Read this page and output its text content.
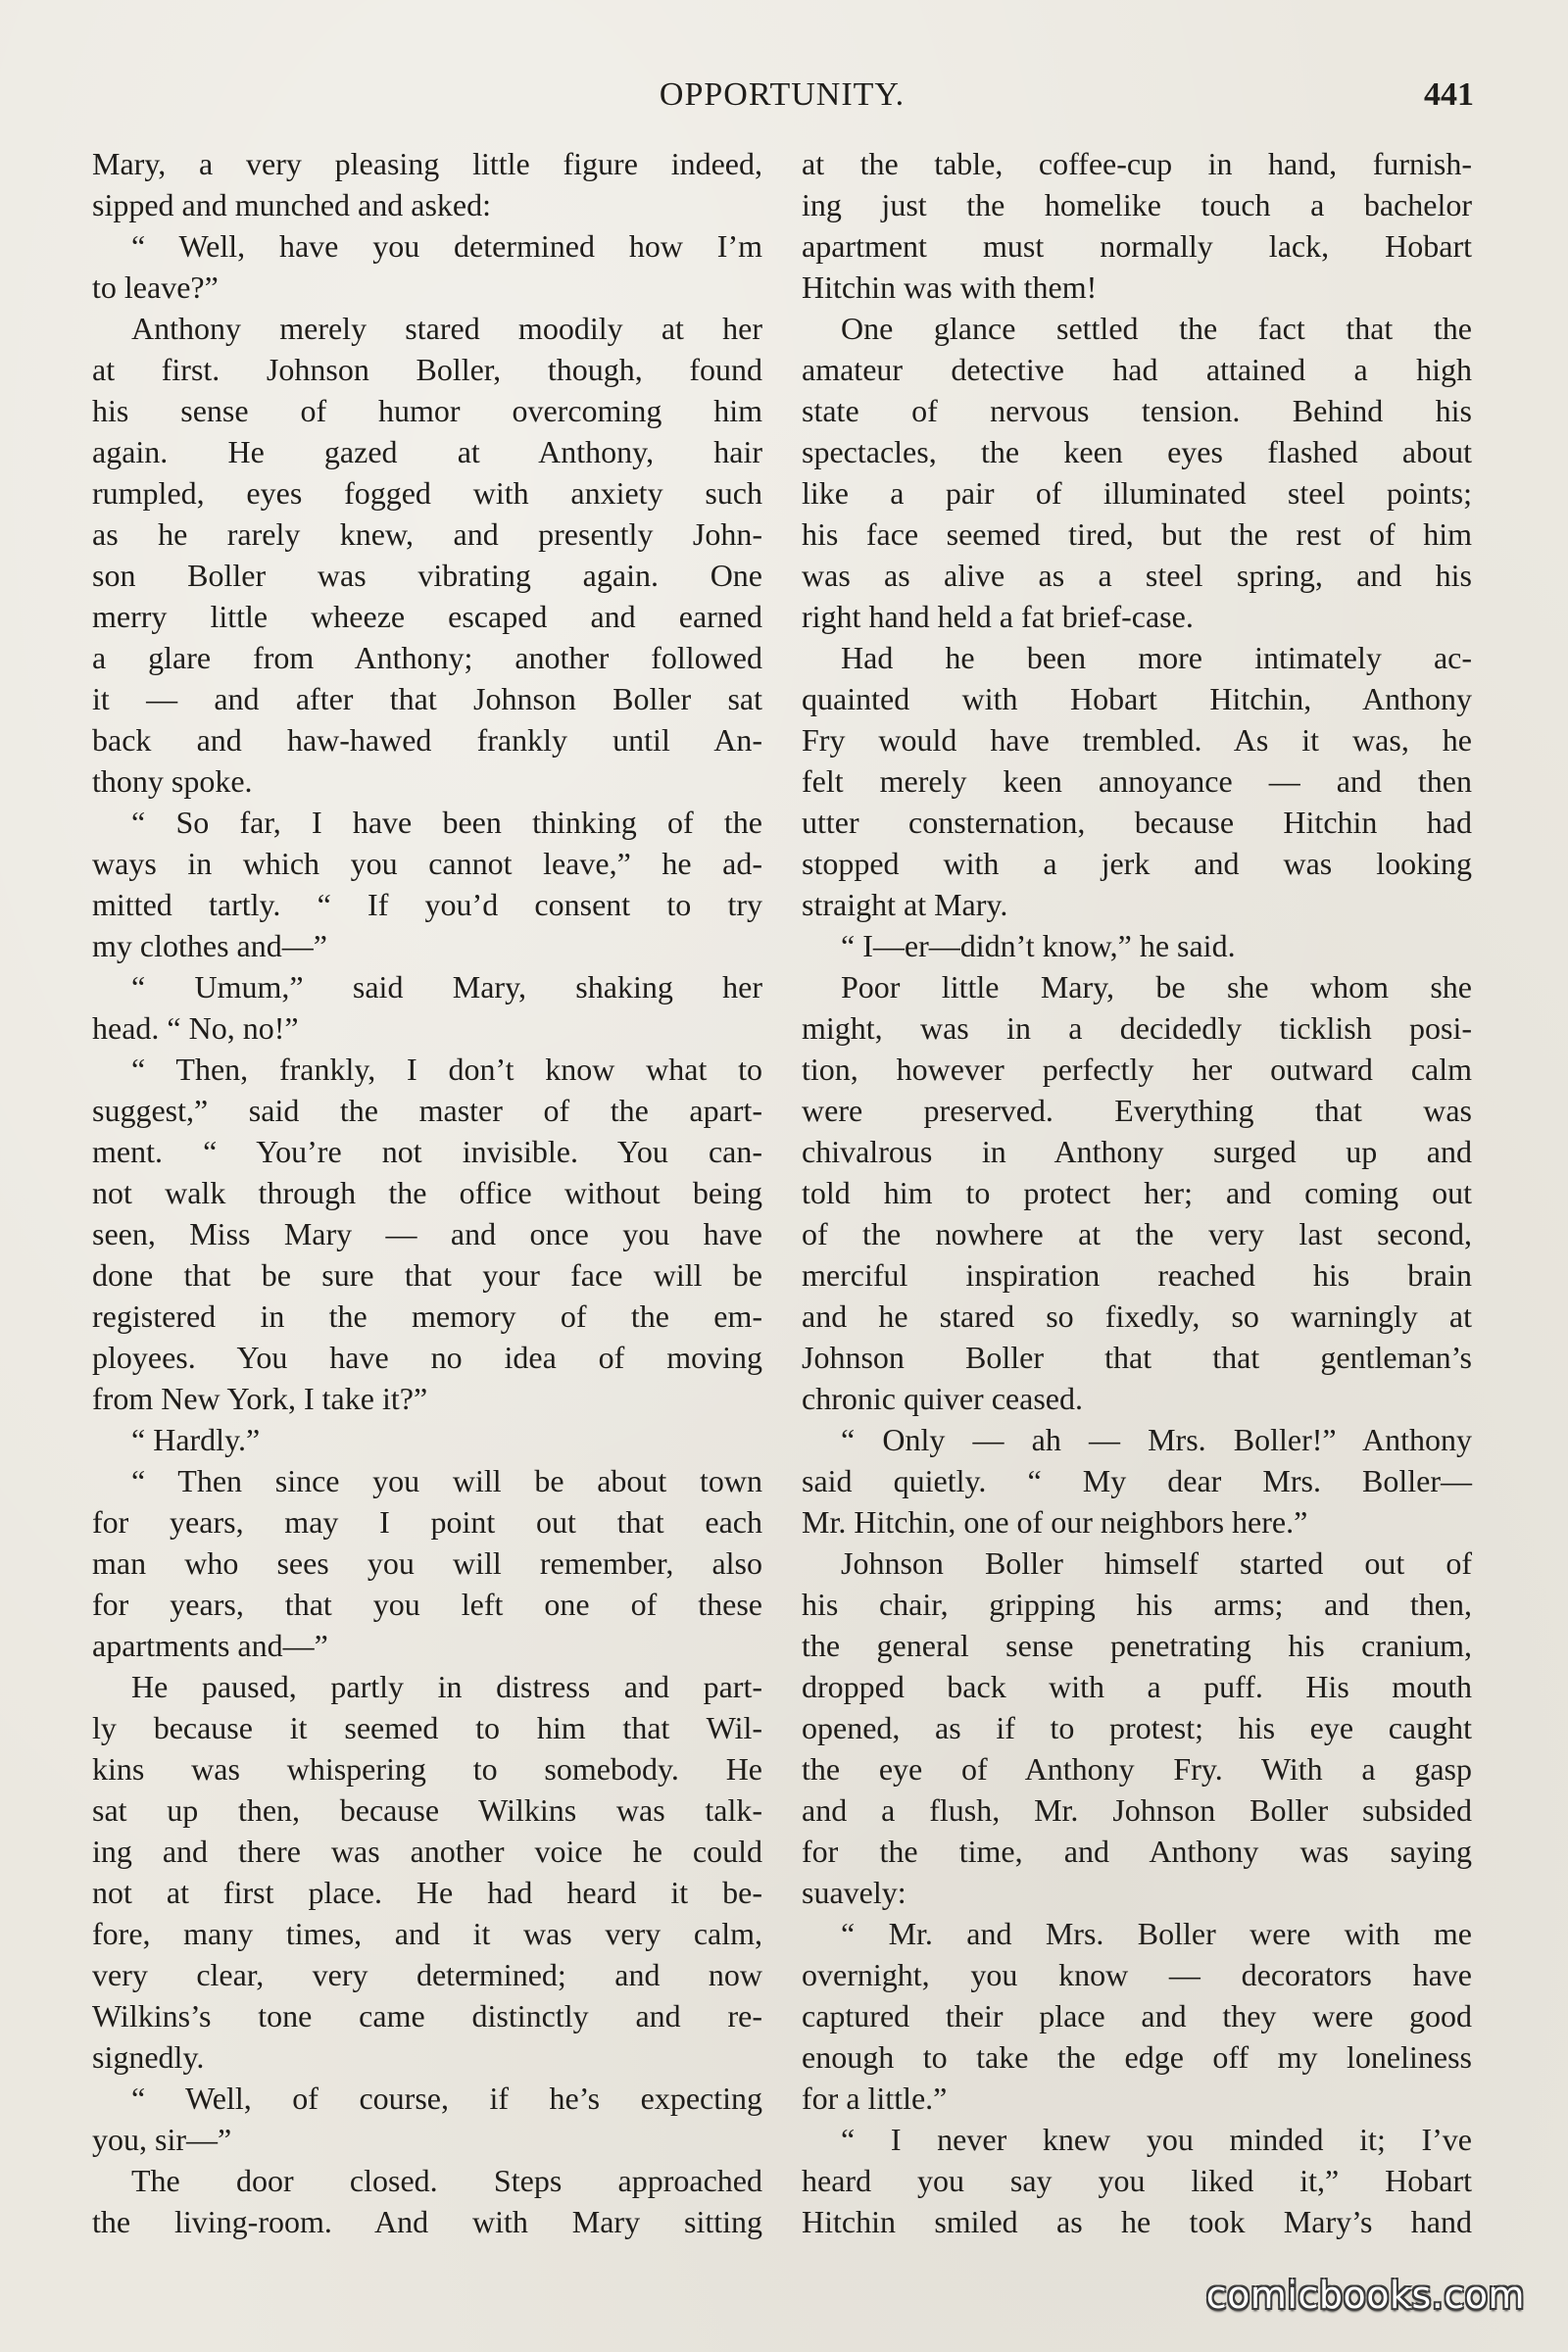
OPPORTUNITY.	441
Mary, a very pleasing little figure indeed,
sipped and munched and asked:
“ Well, have you determined how I’m
to leave?”
Anthony merely stared moodily at her
at first. Johnson Boller, though, found
his sense of humor overcoming him
again. He gazed at Anthony, hair
rumpled, eyes fogged with anxiety such
as he rarely knew, and presently John-
son Boller was vibrating again. One
merry little wheeze escaped and earned
a glare from Anthony; another followed
it — and after that Johnson Boller sat
back and haw-hawed frankly until An-
thony spoke.
“ So far, I have been thinking of the
ways in which you cannot leave,” he ad-
mitted tartly. “ If you’d consent to try
my clothes and—”
“ Umum,” said Mary, shaking her
head. “ No, no!”
“ Then, frankly, I don’t know what to
suggest,” said the master of the apart-
ment. “ You’re not invisible. You can-
not walk through the office without being
seen, Miss Mary — and once you have
done that be sure that your face will be
registered in the memory of the em-
ployees. You have no idea of moving
from New York, I take it?”
“ Hardly.”
“ Then since you will be about town
for years, may I point out that each
man who sees you will remember, also
for years, that you left one of these
apartments and—”
He paused, partly in distress and part-
ly because it seemed to him that Wil-
kins was whispering to somebody. He
sat up then, because Wilkins was talk-
ing and there was another voice he could
not at first place. He had heard it be-
fore, many times, and it was very calm,
very clear, very determined; and now
Wilkins’s tone came distinctly and re-
signedly.
“ Well, of course, if he’s expecting
you, sir—”
The door closed. Steps approached
the living-room. And with Mary sitting
at the table, coffee-cup in hand, furnish-
ing just the homelike touch a bachelor
apartment must normally lack, Hobart
Hitchin was with them!
One glance settled the fact that the
amateur detective had attained a high
state of nervous tension. Behind his
spectacles, the keen eyes flashed about
like a pair of illuminated steel points;
his face seemed tired, but the rest of him
was as alive as a steel spring, and his
right hand held a fat brief-case.
Had he been more intimately ac-
quainted with Hobart Hitchin, Anthony
Fry would have trembled. As it was, he
felt merely keen annoyance — and then
utter consternation, because Hitchin had
stopped with a jerk and was looking
straight at Mary.
“ I—er—didn’t know,” he said.
Poor little Mary, be she whom she
might, was in a decidedly ticklish posi-
tion, however perfectly her outward calm
were preserved. Everything that was
chivalrous in Anthony surged up and
told him to protect her; and coming out
of the nowhere at the very last second,
merciful inspiration reached his brain
and he stared so fixedly, so warningly at
Johnson Boller that that gentleman’s
chronic quiver ceased.
“ Only — ah — Mrs. Boller!” Anthony
said quietly. “ My dear Mrs. Boller—
Mr. Hitchin, one of our neighbors here.”
Johnson Boller himself started out of
his chair, gripping his arms; and then,
the general sense penetrating his cranium,
dropped back with a puff. His mouth
opened, as if to protest; his eye caught
the eye of Anthony Fry. With a gasp
and a flush, Mr. Johnson Boller subsided
for the time, and Anthony was saying
suavely:
“ Mr. and Mrs. Boller were with me
overnight, you know — decorators have
captured their place and they were good
enough to take the edge off my loneliness
for a little.”
“ I never knew you minded it; I’ve
heard you say you liked it,” Hobart
Hitchin smiled as he took Mary’s hand
comicbooks.com
